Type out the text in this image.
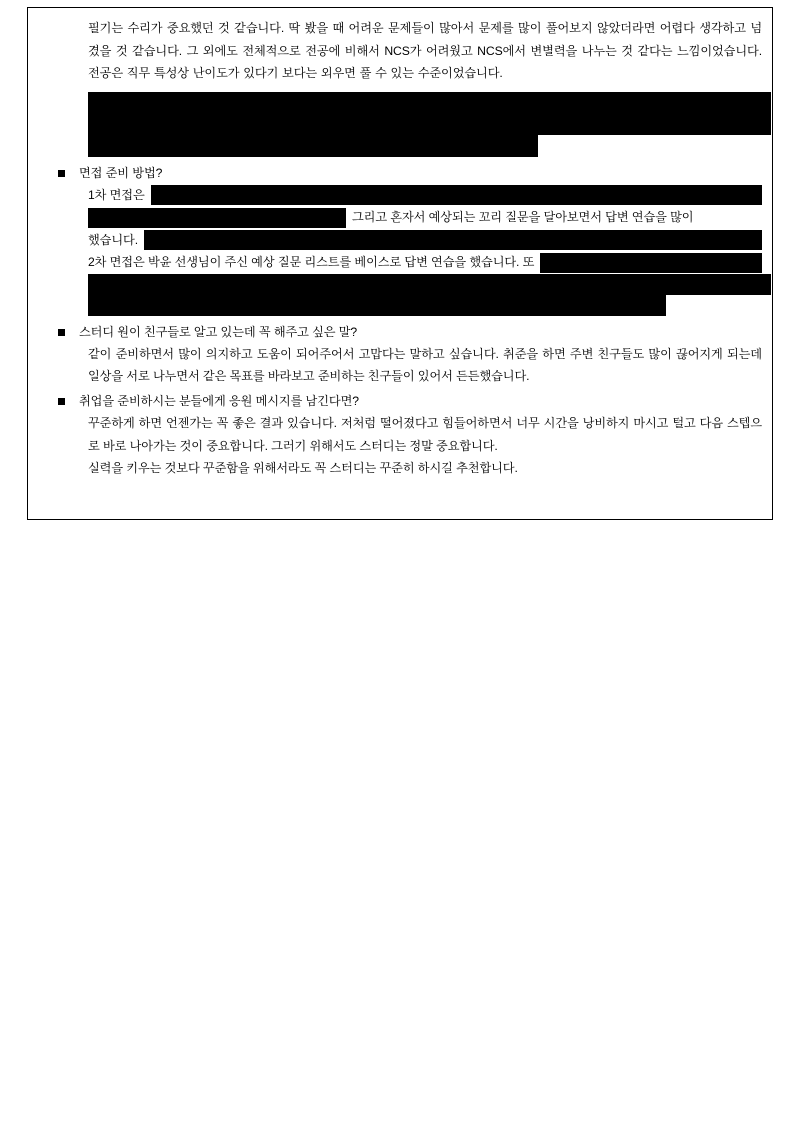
필기는 수리가 중요했던 것 같습니다. 딱 봤을 때 어려운 문제들이 많아서 문제를 많이 풀어보지 않았더라면 어렵다 생각하고 넘겼을 것 같습니다. 그 외에도 전체적으로 전공에 비해서 NCS가 어려웠고 NCS에서 변별력을 나누는 것 같다는 느낌이었습니다. 전공은 직무 특성상 난이도가 있다기 보다는 외우면 풀 수 있는 수준이었습니다.

면접 준비 방법?
1차 면접은
그리고 혼자서 예상되는 꼬리 질문을 달아보면서 답변 연습을 많이
했습니다.
2차 면접은 박윤 선생님이 주신 예상 질문 리스트를 베이스로 답변 연습을 했습니다. 또
스터디 원이 친구들로 알고 있는데 꼭 해주고 싶은 말?

같이 준비하면서 많이 의지하고 도움이 되어주어서 고맙다는 말하고 싶습니다. 취준을 하면 주변 친구들도 많이 끊어지게 되는데 일상을 서로 나누면서 같은 목표를 바라보고 준비하는 친구들이 있어서 든든했습니다.

취업을 준비하시는 분들에게 응원 메시지를 남긴다면?

꾸준하게 하면 언젠가는 꼭 좋은 결과 있습니다. 저처럼 떨어졌다고 힘들어하면서 너무 시간을 낭비하지 마시고 털고 다음 스텝으로 바로 나아가는 것이 중요합니다. 그러기 위해서도 스터디는 정말 중요합니다.

실력을 키우는 것보다 꾸준함을 위해서라도 꼭 스터디는 꾸준히 하시길 추천합니다.
